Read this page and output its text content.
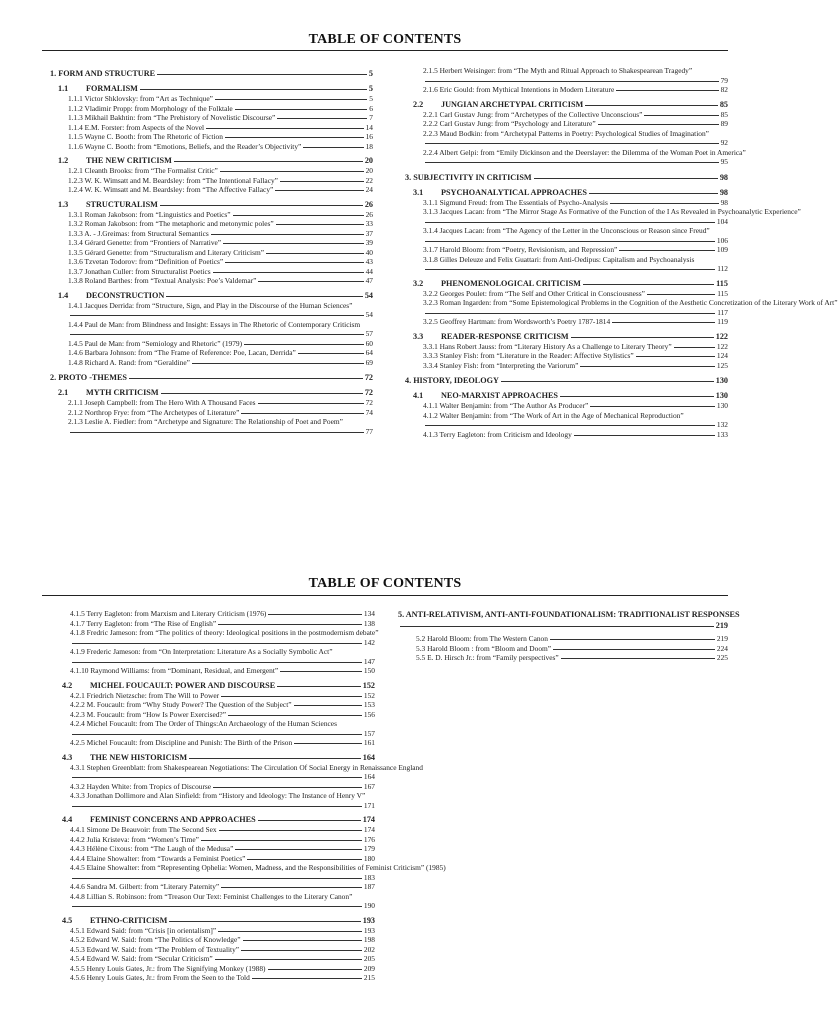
TABLE OF CONTENTS
1. FORM AND STRUCTURE	5
1.1	FORMALISM	5
1.1.1 Victor Shklovsky: from “Art as Technique”	5
1.1.2 Vladimir Propp: from Morphology of the Folktale	6
1.1.3 Mikhail Bakhtin: from “The Prehistory of Novelistic Discourse”	7
1.1.4 E.M. Forster: from Aspects of the Novel	14
1.1.5 Wayne C. Booth: from The Rhetoric of Fiction	16
1.1.6 Wayne C. Booth: from “Emotions, Beliefs, and the Reader’s Objectivity”	18
1.2	THE NEW CRITICISM	20
1.2.1 Cleanth Brooks: from “The Formalist Critic”	20
1.2.3 W. K. Wimsatt and M. Beardsley: from “The Intentional Fallacy”	22
1.2.4 W. K. Wimsatt and M. Beardsley: from “The Affective Fallacy”	24
1.3	STRUCTURALISM	26
1.3.1 Roman Jakobson: from “Linguistics and Poetics”	26
1.3.2 Roman Jakobson: from “The metaphoric and metonymic poles”	33
1.3.3 A. - J.Greimas: from Structural Semantics	37
1.3.4 Gérard Genette: from “Frontiers of Narrative”	39
1.3.5 Gérard Genette: from “Structuralism and Literary Criticism”	40
1.3.6 Tzvetan Todorov: from “Definition of Poetics”	43
1.3.7 Jonathan Culler: from Structuralist Poetics	44
1.3.8 Roland Barthes: from “Textual Analysis: Poe’s Valdemar”	47
1.4	DECONSTRUCTION	54
1.4.1 Jacques Derrida: from “Structure, Sign, and Play in the Discourse of the Human Sciences”
54
1.4.4 Paul de Man: from Blindness and Insight: Essays in The Rhetoric of Contemporary Criticism
57
1.4.5 Paul de Man: from “Semiology and Rhetoric” (1979)	60
1.4.6 Barbara Johnson: from “The Frame of Reference: Poe, Lacan, Derrida”	64
1.4.8 Richard A. Rand: from “Geraldine”	69
2. PROTO -THEMES	72
2.1	MYTH CRITICISM	72
2.1.1 Joseph Campbell: from The Hero With A Thousand Faces	72
2.1.2 Northrop Frye: from “The Archetypes of Literature”	74
2.1.3 Leslie A. Fiedler: from “Archetype and Signature: The Relationship of Poet and Poem”
77
2.1.5 Herbert Weisinger: from “The Myth and Ritual Approach to Shakespearean Tragedy”
79
2.1.6 Eric Gould: from Mythical Intentions in Modern Literature	82
2.2	JUNGIAN ARCHETYPAL CRITICISM	85
2.2.1 Carl Gustav Jung: from “Archetypes of the Collective Unconscious”	85
2.2.2 Carl Gustav Jung: from “Psychology and Literature”	89
2.2.3 Maud Bodkin: from “Archetypal Patterns in Poetry: Psychological Studies of Imagination”
92
2.2.4 Albert Gelpi: from “Emily Dickinson and the Deerslayer: the Dilemma of the Woman Poet in America”
95
3. SUBJECTIVITY IN CRITICISM	98
3.1	PSYCHOANALYTICAL APPROACHES	98
3.1.1 Sigmund Freud: from The Essentials of Psycho-Analysis	98
3.1.3 Jacques Lacan: from “The Mirror Stage As Formative of the Function of the I As Revealed in Psychoanalytic Experience”
104
3.1.4 Jacques Lacan: from “The Agency of the Letter in the Unconscious or Reason since Freud”
106
3.1.7 Harold Bloom: from “Poetry, Revisionism, and Repression”	109
3.1.8 Gilles Deleuze and Felix Guattari: from Anti-Oedipus: Capitalism and Psychoanalysis
112
3.2	PHENOMENOLOGICAL CRITICISM	115
3.2.2 Georges Poulet: from “The Self and Other Critical in Consciousness”	115
3.2.3 Roman Ingarden: from “Some Epistemological Problems in the Cognition of the Aesthetic Concretization of the Literary Work of Art”
117
3.2.5 Geoffrey Hartman: from Wordsworth’s Poetry 1787-1814	119
3.3	READER-RESPONSE CRITICISM	122
3.3.1 Hans Robert Jauss: from “Literary History As a Challenge to Literary Theory”	122
3.3.3 Stanley Fish: from “Literature in the Reader: Affective Stylistics”	124
3.3.4 Stanley Fish: from “Interpreting the Variorum”	125
4. HISTORY, IDEOLOGY	130
4.1	NEO-MARXIST APPROACHES	130
4.1.1 Walter Benjamin: from “The Author As Producer”	130
4.1.2 Walter Benjamin: from “The Work of Art in the Age of Mechanical Reproduction”
132
4.1.3 Terry Eagleton: from Criticism and Ideology	133
TABLE OF CONTENTS
4.1.5 Terry Eagleton: from Marxism and Literary Criticism (1976)	134
4.1.7 Terry Eagleton: from “The Rise of English”	138
4.1.8 Fredric Jameson: from “The politics of theory: Ideological positions in the postmodernism debate”
142
4.1.9 Frederic Jameson: from “On Interpretation: Literature As a Socially Symbolic Act”
147
4.1.10 Raymond Williams: from “Dominant, Residual, and Emergent”	150
4.2	MICHEL FOUCAULT: POWER AND DISCOURSE	152
4.2.1 Friedrich Nietzsche: from The Will to Power	152
4.2.2 M. Foucault: from “Why Study Power? The Question of the Subject”	153
4.2.3 M. Foucault: from “How Is Power Exercised?”	156
4.2.4 Michel Foucault: from The Order of Things:An Archaeology of the Human Sciences
157
4.2.5 Michel Foucault: from Discipline and Punish: The Birth of the Prison	161
4.3	THE NEW HISTORICISM	164
4.3.1 Stephen Greenblatt: from Shakespearean Negotiations: The Circulation Of Social Energy in Renaissance England
164
4.3.2 Hayden White: from Tropics of Discourse	167
4.3.3 Jonathan Dollimore and Alan Sinfield: from “History and Ideology: The Instance of Henry V”
171
4.4	FEMINIST CONCERNS AND APPROACHES	174
4.4.1 Simone De Beauvoir: from The Second Sex	174
4.4.2 Julia Kristeva: from “Women’s Time”	176
4.4.3 Hélène Cixous: from “The Laugh of the Medusa”	179
4.4.4 Elaine Showalter: from “Towards a Feminist Poetics”	180
4.4.5 Elaine Showalter: from “Representing Ophelia: Women, Madness, and the Responsibilities of Feminist Criticism” (1985)
183
4.4.6 Sandra M. Gilbert: from “Literary Paternity”	187
4.4.8 Lillian S. Robinson: from “Treason Our Text: Feminist Challenges to the Literary Canon”
190
4.5	ETHNO-CRITICISM	193
4.5.1 Edward Said: from “Crisis [in orientalism]”	193
4.5.2 Edward W. Said: from “The Politics of Knowledge”	198
4.5.3 Edward W. Said: from “The Problem of Textuality”	202
4.5.4 Edward W. Said: from “Secular Criticism”	205
4.5.5 Henry Louis Gates, Jr.: from The Signifying Monkey (1988)	209
4.5.6 Henry Louis Gates, Jr.: from From the Seen to the Told	215
5. ANTI-RELATIVISM, ANTI-ANTI-FOUNDATIONALISM: TRADITIONALIST RESPONSES
219
5.2 Harold Bloom: from The Western Canon	219
5.3 Harold Bloom : from “Bloom and Doom”	224
5.5 E. D. Hirsch Jr.: from “Family perspectives”	225
